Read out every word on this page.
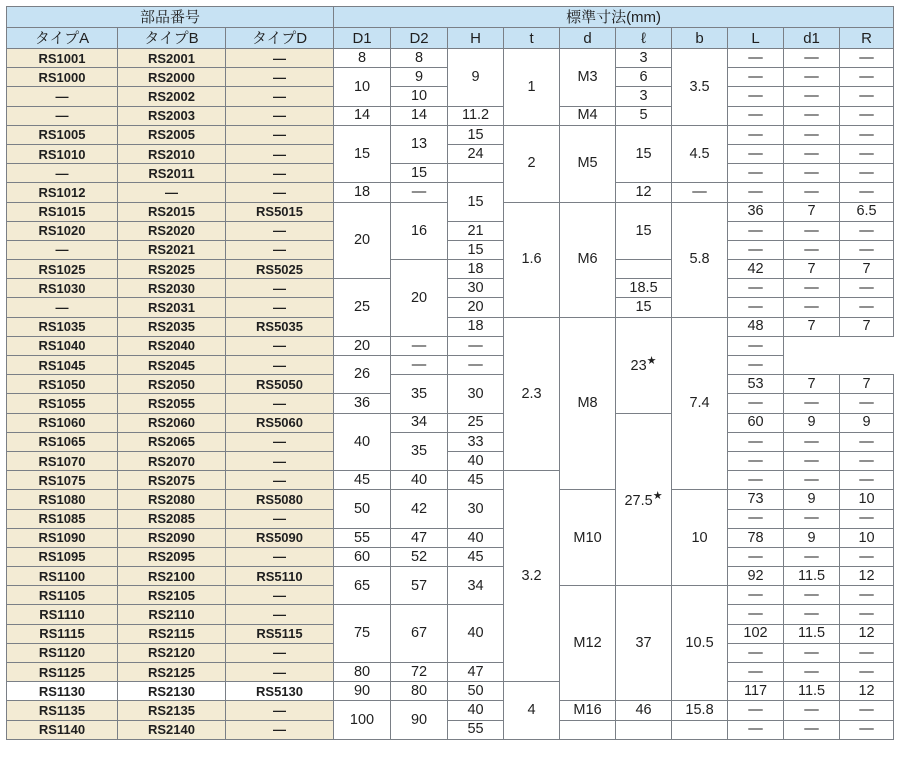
部品番号			標準寸法(mm)									
タイプA	タイプB	タイプD	D1	D2	H	t	d	ℓ	b	L	d1	R
RS1001	RS2001	—	8	8	9	1	M3	3	3.5	—	—	—
RS1000	RS2000	—	10	9				6		—	—	—
—	RS2002	—		10				3		—	—	—
—	RS2003	—	14	14	11.2		M4	5		—	—	—
RS1005	RS2005	—	15	13	15	2	M5	15	4.5	—	—	—
RS1010	RS2010	—			24					—	—	—
—	RS2011	—		15						—	—	—
RS1012	—	—	18	—	15			12	—	—	—	—
RS1015	RS2015	RS5015	20	16		1.6	M6	15	5.8	36	7	6.5
RS1020	RS2020	—			21					—	—	—
—	RS2021	—			15					—	—	—
RS1025	RS2025	RS5025		20	18					42	7	7
RS1030	RS2030	—	25		30			18.5		—	—	—
—	RS2031	—			20			15		—	—	—
RS1035	RS2035	RS5035			18	2.3	M8	23★	7.4	48	7	7
RS1040	RS2040	—	20	—	—					—		
RS1045	RS2045	—	26	—	—					—		
RS1050	RS2050	RS5050		35	30					53	7	7
RS1055	RS2055	—	36							—	—	—
RS1060	RS2060	RS5060	40	34	25			27.5★		60	9	9
RS1065	RS2065	—		35	33					—	—	—
RS1070	RS2070	—			40					—	—	—
RS1075	RS2075	—	45	40	45	3.2				—	—	—
RS1080	RS2080	RS5080	50	42	30		M10		10	73	9	10
RS1085	RS2085	—								—	—	—
RS1090	RS2090	RS5090	55	47	40					78	9	10
RS1095	RS2095	—	60	52	45					—	—	—
RS1100	RS2100	RS5110	65	57	34					92	11.5	12
RS1105	RS2105	—					M12	37	10.5	—	—	—
RS1110	RS2110	—	75	67	40					—	—	—
RS1115	RS2115	RS5115								102	11.5	12
RS1120	RS2120	—								—	—	—
RS1125	RS2125	—	80	72	47					—	—	—
RS1130	RS2130	RS5130	90	80	50	4				117	11.5	12
RS1135	RS2135	—	100	90	40		M16	46	15.8	—	—	—
RS1140	RS2140	—			55					—	—	—
